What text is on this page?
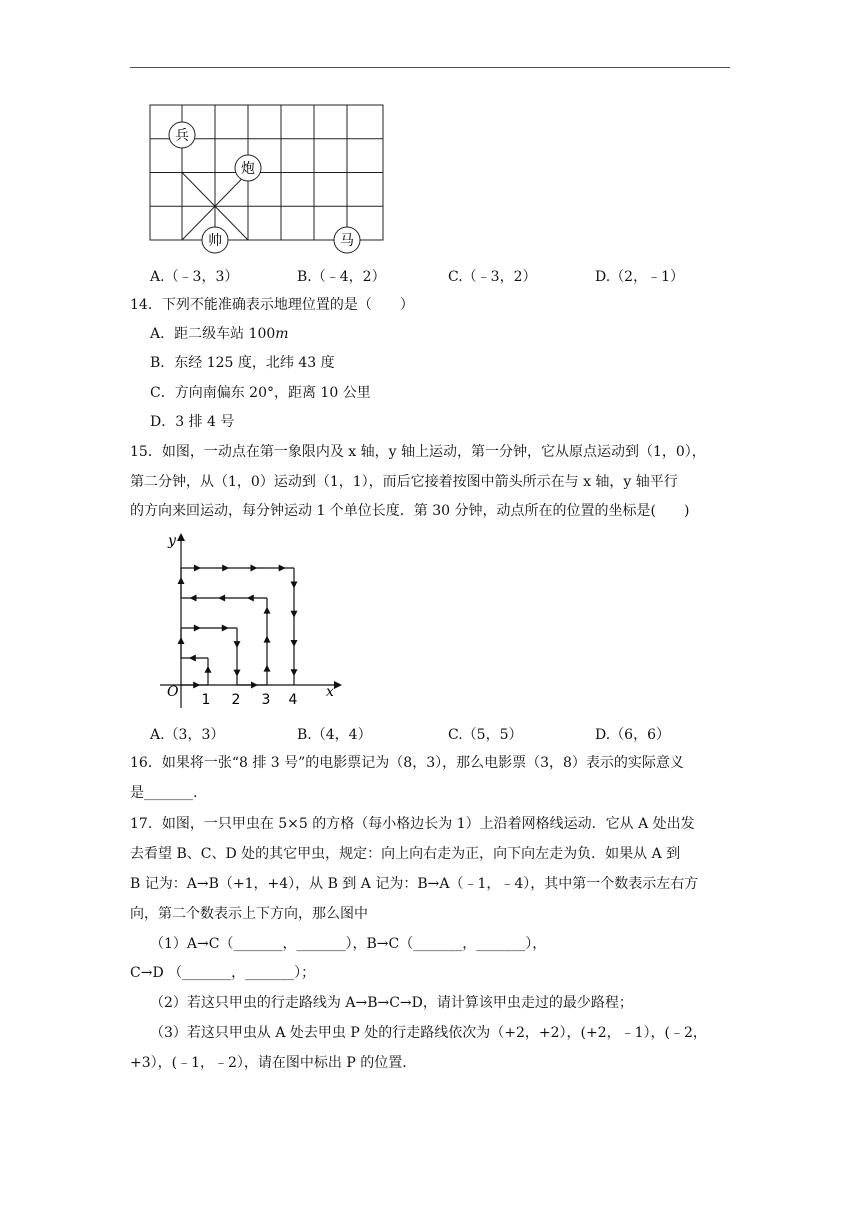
兵
炮
帅	马
A.（﹣3，3）	B.（﹣4，2）	C.（﹣3，2）	D.（2，﹣1）
14．下列不能准确表示地理位置的是（　　）
A．距二级车站 100m
B．东经 125 度，北纬 43 度
C．方向南偏东 20°，距离 10 公里
D．3 排 4 号
15．如图，一动点在第一象限内及 x 轴，y 轴上运动，第一分钟，它从原点运动到（1，0），
第二分钟，从（1，0）运动到（1，1），而后它接着按图中箭头所示在与 x 轴，y 轴平行
的方向来回运动，每分钟运动 1 个单位长度．第 30 分钟，动点所在的位置的坐标是(　　)
y
x
O 1 2 3 4
A.（3，3）	B.（4，4）	C.（5，5）	D.（6，6）
16．如果将一张“8 排 3 号”的电影票记为（8，3），那么电影票（3，8）表示的实际意义
是_______.
17．如图，一只甲虫在 5×5 的方格（每小格边长为 1）上沿着网格线运动．它从 A 处出发
去看望 B、C、D 处的其它甲虫，规定：向上向右走为正，向下向左走为负．如果从 A 到
B 记为：A→B（+1，+4），从 B 到 A 记为：B→A（﹣1，﹣4），其中第一个数表示左右方
向，第二个数表示上下方向，那么图中
（1）A→C（_______，_______），B→C（_______，_______），
C→D （_______，_______）；
（2）若这只甲虫的行走路线为 A→B→C→D，请计算该甲虫走过的最少路程；
（3）若这只甲虫从 A 处去甲虫 P 处的行走路线依次为（+2，+2），(+2，﹣1），(﹣2，
+3），(﹣1，﹣2），请在图中标出 P 的位置．
